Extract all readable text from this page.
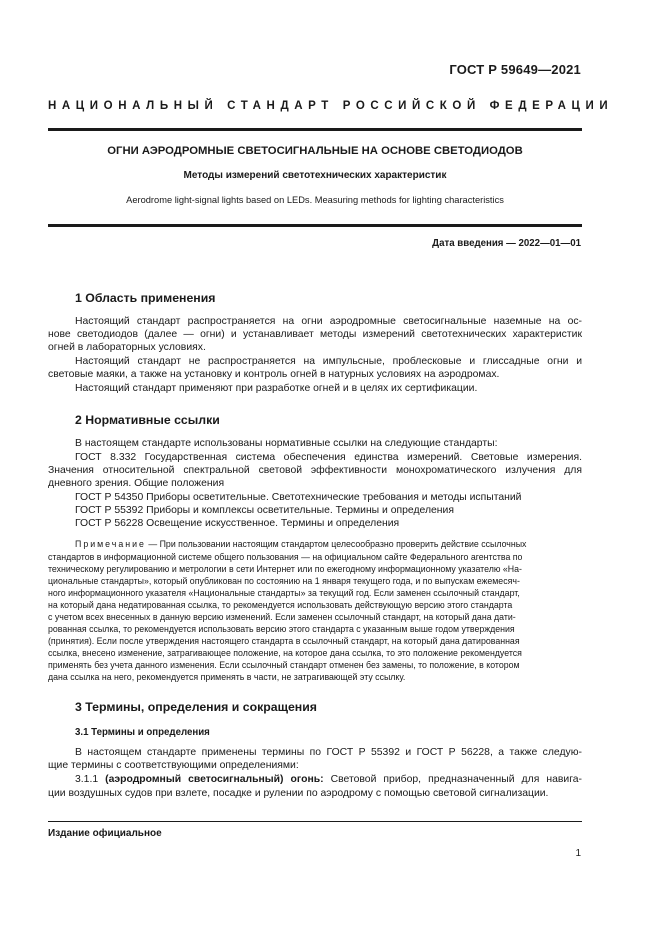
ГОСТ Р 59649—2021
НАЦИОНАЛЬНЫЙ СТАНДАРТ РОССИЙСКОЙ ФЕДЕРАЦИИ
ОГНИ АЭРОДРОМНЫЕ СВЕТОСИГНАЛЬНЫЕ НА ОСНОВЕ СВЕТОДИОДОВ
Методы измерений светотехнических характеристик
Aerodrome light-signal lights based on LEDs. Measuring methods for lighting characteristics
Дата введения — 2022—01—01
1 Область применения
Настоящий стандарт распространяется на огни аэродромные светосигнальные наземные на ос-
нове светодиодов (далее — огни) и устанавливает методы измерений светотехнических характеристик
огней в лабораторных условиях.
Настоящий стандарт не распространяется на импульсные, проблесковые и глиссадные огни и
световые маяки, а также на установку и контроль огней в натурных условиях на аэродромах.
Настоящий стандарт применяют при разработке огней и в целях их сертификации.
2 Нормативные ссылки
В настоящем стандарте использованы нормативные ссылки на следующие стандарты:
ГОСТ 8.332 Государственная система обеспечения единства измерений. Световые измерения.
Значения относительной спектральной световой эффективности монохроматического излучения для
дневного зрения. Общие положения
ГОСТ Р 54350 Приборы осветительные. Светотехнические требования и методы испытаний
ГОСТ Р 55392 Приборы и комплексы осветительные. Термины и определения
ГОСТ Р 56228 Освещение искусственное. Термины и определения
Примечание — При пользовании настоящим стандартом целесообразно проверить действие ссылочных
стандартов в информационной системе общего пользования — на официальном сайте Федерального агентства по
техническому регулированию и метрологии в сети Интернет или по ежегодному информационному указателю «На-
циональные стандарты», который опубликован по состоянию на 1 января текущего года, и по выпускам ежемесяч-
ного информационного указателя «Национальные стандарты» за текущий год. Если заменен ссылочный стандарт,
на который дана недатированная ссылка, то рекомендуется использовать действующую версию этого стандарта
с учетом всех внесенных в данную версию изменений. Если заменен ссылочный стандарт, на который дана дати-
рованная ссылка, то рекомендуется использовать версию этого стандарта с указанным выше годом утверждения
(принятия). Если после утверждения настоящего стандарта в ссылочный стандарт, на который дана датированная
ссылка, внесено изменение, затрагивающее положение, на которое дана ссылка, то это положение рекомендуется
применять без учета данного изменения. Если ссылочный стандарт отменен без замены, то положение, в котором
дана ссылка на него, рекомендуется применять в части, не затрагивающей эту ссылку.
3 Термины, определения и сокращения
3.1 Термины и определения
В настоящем стандарте применены термины по ГОСТ Р 55392 и ГОСТ Р 56228, а также следую-
щие термины с соответствующими определениями:
3.1.1 (аэродромный светосигнальный) огонь: Световой прибор, предназначенный для навига-
ции воздушных судов при взлете, посадке и рулении по аэродрому с помощью световой сигнализации.
Издание официальное
1
